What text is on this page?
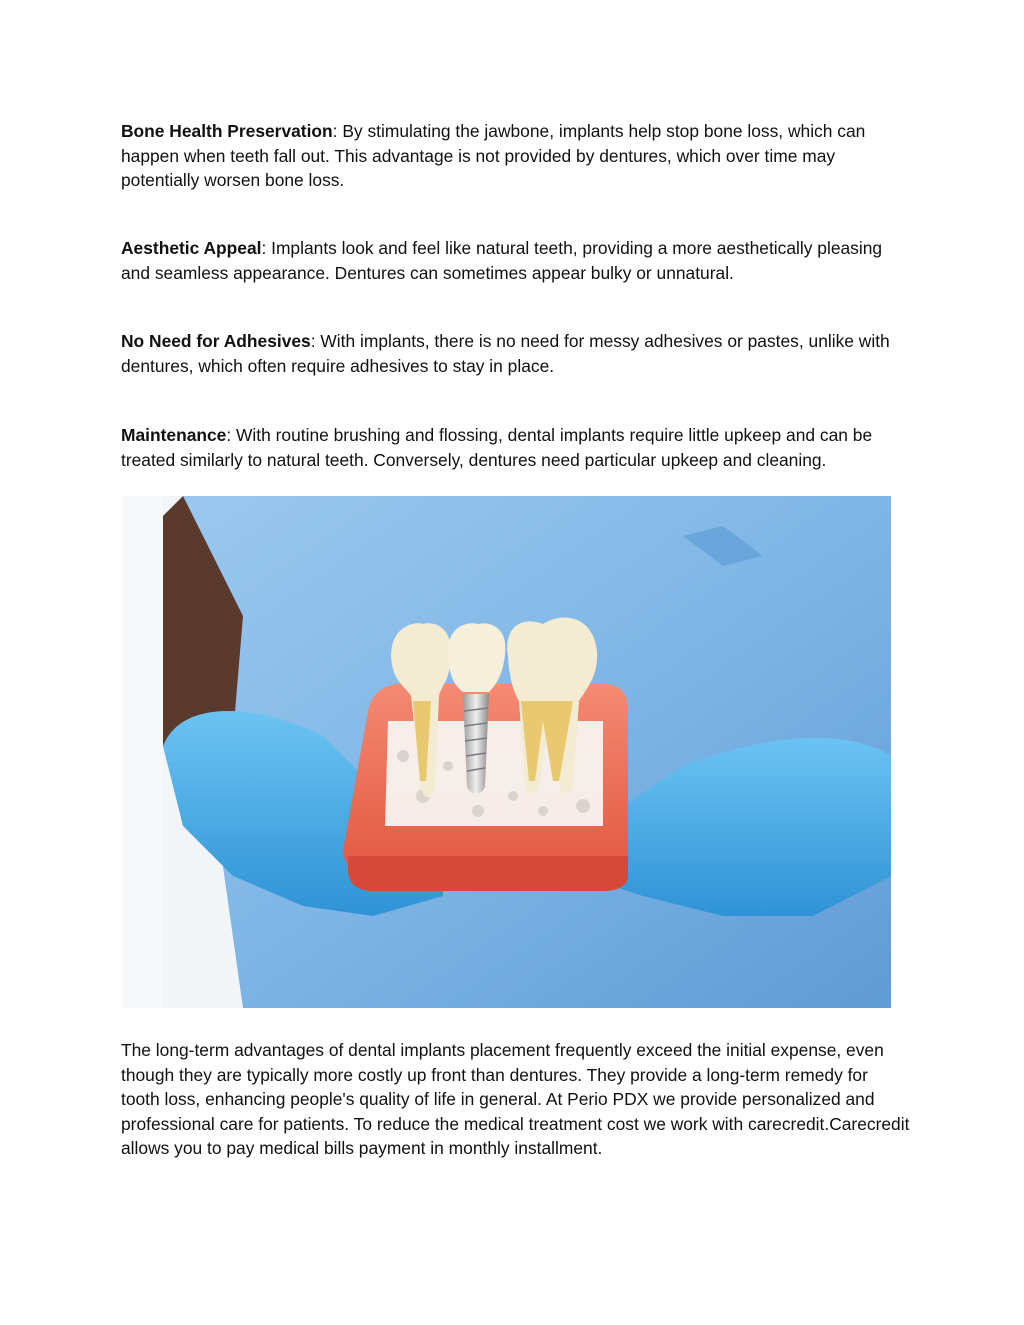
Bone Health Preservation: By stimulating the jawbone, implants help stop bone loss, which can happen when teeth fall out. This advantage is not provided by dentures, which over time may potentially worsen bone loss.

Aesthetic Appeal: Implants look and feel like natural teeth, providing a more aesthetically pleasing and seamless appearance. Dentures can sometimes appear bulky or unnatural.

No Need for Adhesives: With implants, there is no need for messy adhesives or pastes, unlike with dentures, which often require adhesives to stay in place.

Maintenance: With routine brushing and flossing, dental implants require little upkeep and can be treated similarly to natural teeth. Conversely, dentures need particular upkeep and cleaning.

The long-term advantages of dental implants placement frequently exceed the initial expense, even though they are typically more costly up front than dentures. They provide a long-term remedy for tooth loss, enhancing people's quality of life in general. At Perio PDX we provide personalized and professional care for patients. To reduce the medical treatment cost we work with carecredit.Carecredit allows you to pay medical bills payment in monthly installment.
